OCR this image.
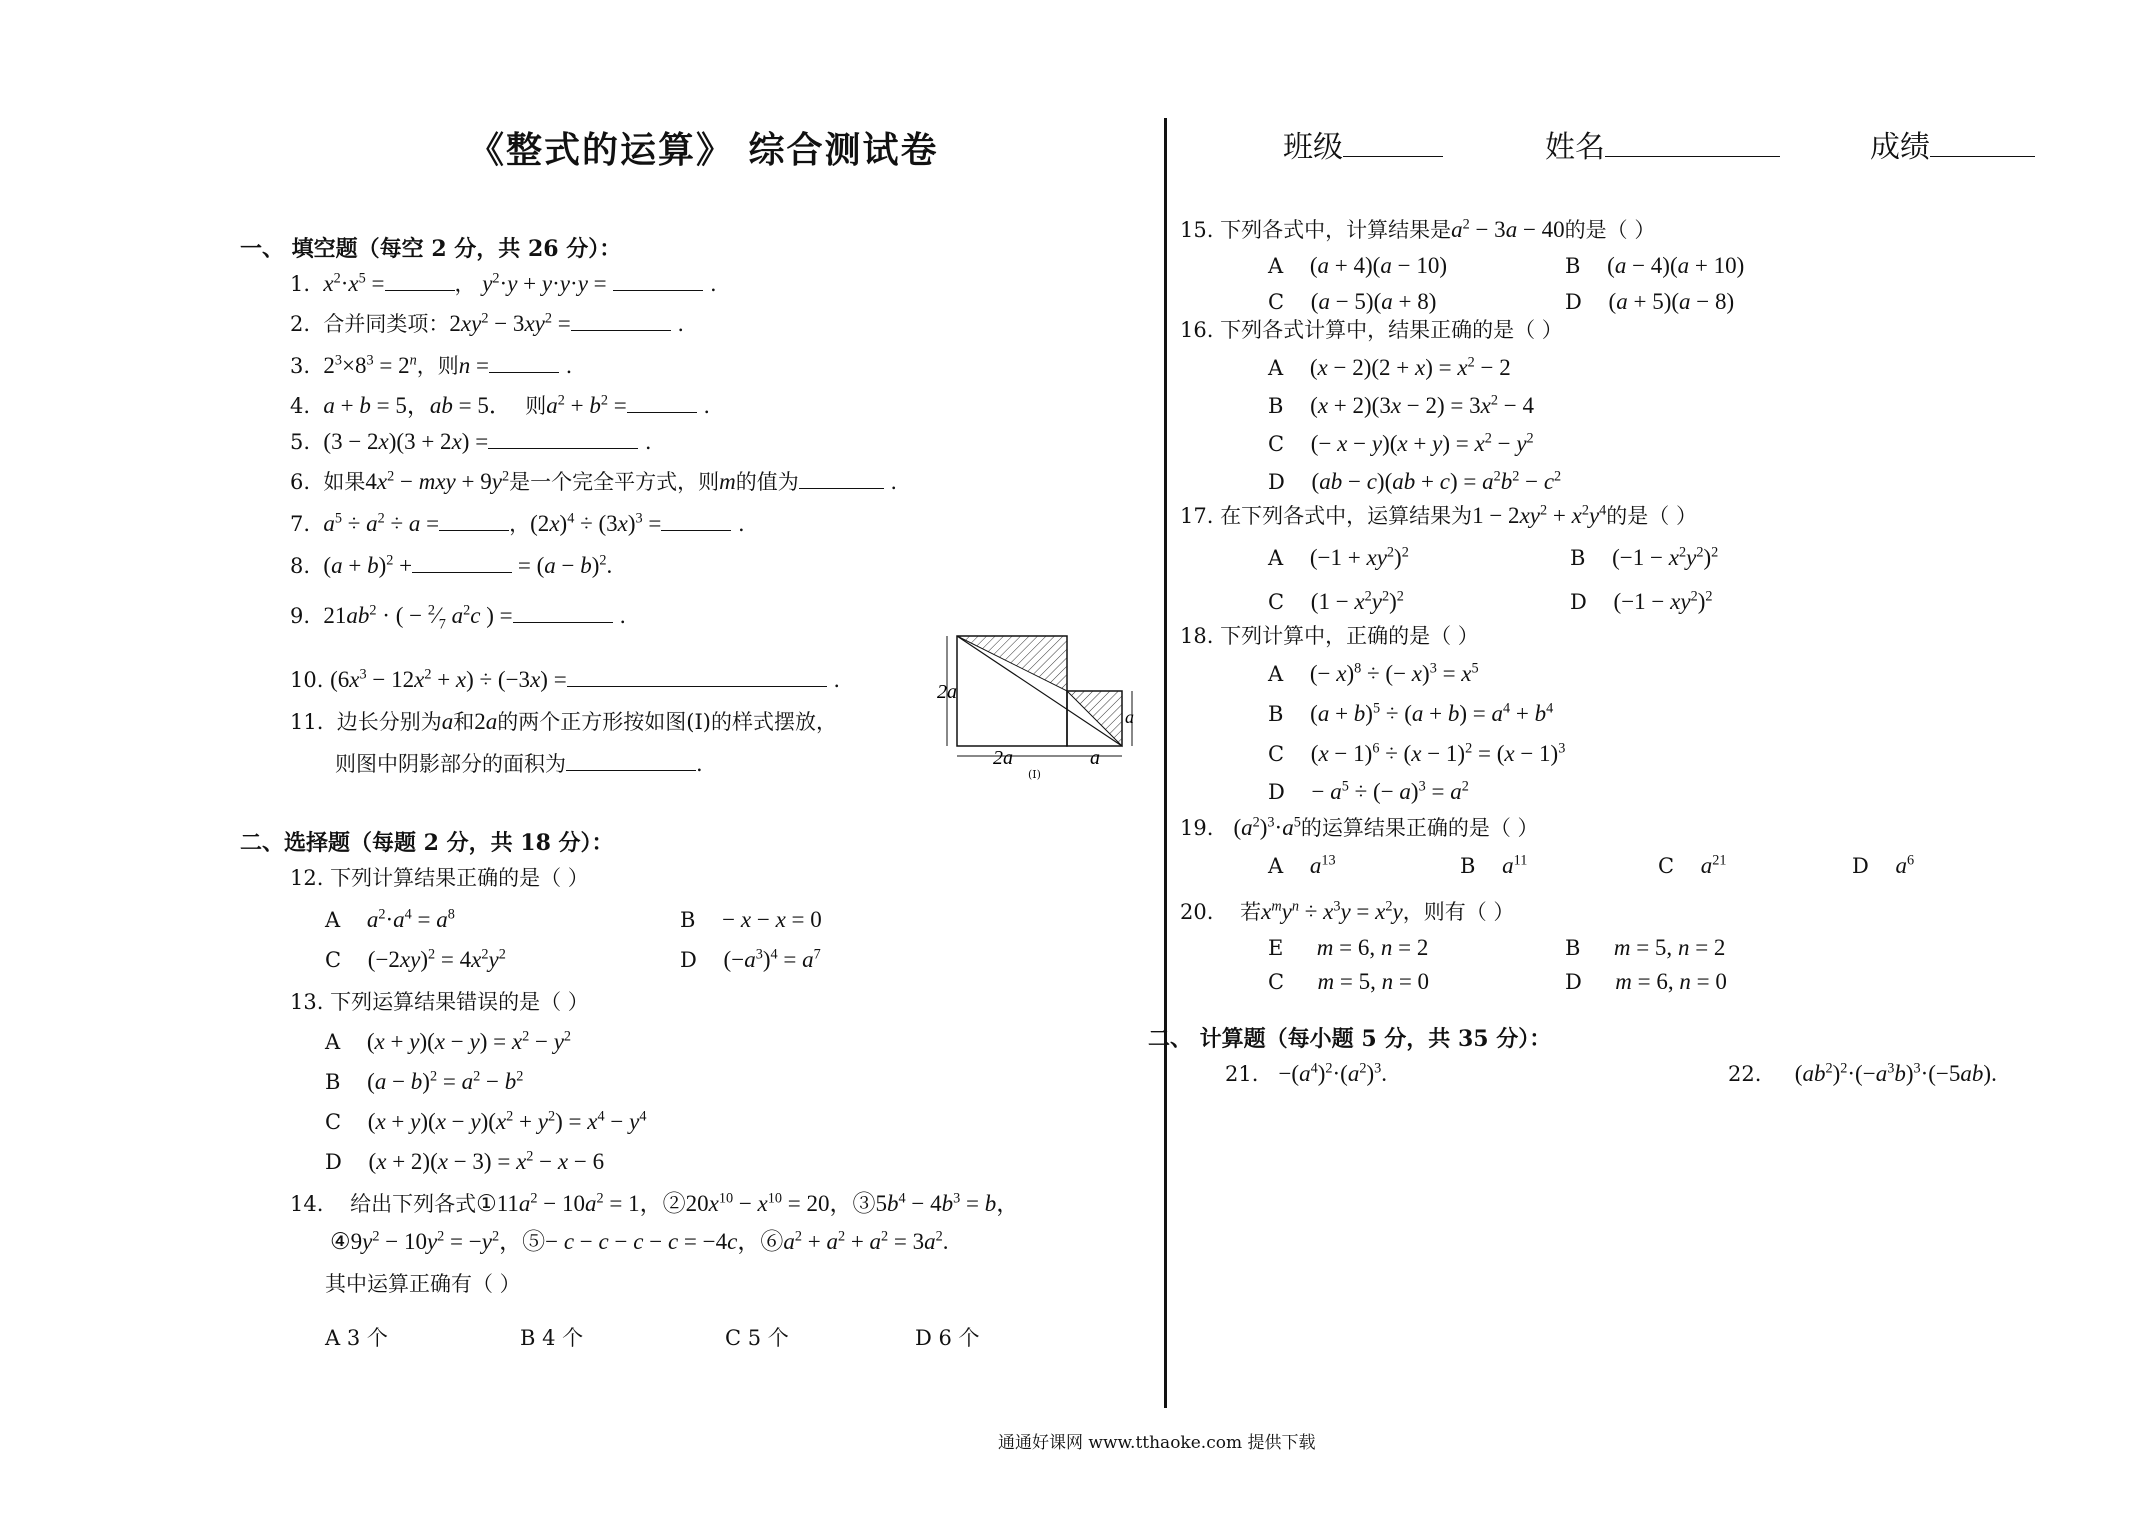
《整式的运算》 综合测试卷	班级	姓名	成绩
一、 填空题（每空 2 分，共 26 分）：
1. $x^2\cdot x^5$ =	， $y^2\cdot y + y\cdot y\cdot y$ =	.
2. 合并同类项：$2xy^2 - 3xy^2$ =	.
3. $2^3\times 8^3 = 2^n$，则n =	.
4. a + b = 5，ab = 5． 则$a^2 + b^2$ =	.
5. (3 − 2x)(3 + 2x) =	.
6. 如果$4x^2$ − mxy + $9y^2$是一个完全平方式，则m的值为	.
7. $a^5 \div a^2 \div a$ =	，$(2x)^4 \div (3x)^3$ =	.
8. $(a + b)^2$ +	= $(a - b)^2$.
9. $21ab^2$ · ( − $^2⁄_7$ $a^2c$ ) =	.
10. $(6x^3 - 12x^2 + x) \div (-3x)$ =	.
11. 边长分别为a和2a的两个正方形按如图(I)的样式摆放，
则图中阴影部分的面积为	.
2a
2a	a
a
(I)
二、选择题（每题 2 分，共 18 分）：
12. 下列计算结果正确的是（ ）
A $a^2\cdot a^4 = a^8$	B − x − x = 0
C $(-2xy)^2 = 4x^2y^2$	D $(-a^3)^4 = a^7$
13. 下列运算结果错误的是（ ）
A $(x + y)(x - y) = x^2 - y^2$
B $(a - b)^2 = a^2 - b^2$
C $(x + y)(x - y)(x^2 + y^2) = x^4 - y^4$
D $(x + 2)(x - 3) = x^2 - x - 6$
14. 给出下列各式$①11a^2 - 10a^2 = 1$，$②20x^{10} - x^{10} = 20$，$③5b^4 - 4b^3 = b$，
$④9y^2 - 10y^2 = -y^2$，⑤− c − c − c − c = −4c，$⑥a^2 + a^2 + a^2 = 3a^2$.
其中运算正确有（ ）
A 3 个	B 4 个	C 5 个	D 6 个
15. 下列各式中，计算结果是$a^2 - 3a - 40$的是（ ）
A (a + 4)(a − 10)	B (a − 4)(a + 10)
C (a − 5)(a + 8)	D (a + 5)(a − 8)
16. 下列各式计算中，结果正确的是（ ）
A $(x - 2)(2 + x) = x^2 - 2$
B $(x + 2)(3x - 2) = 3x^2 - 4$
C (− $x - y)(x + y) = x^2 - y^2$
D $(ab - c)(ab + c) = a^2b^2 - c^2$
17. 在下列各式中，运算结果为$1 - 2xy^2 + x^2y^4$的是（ ）
A $(-1 + xy^2)^2$	B $(-1 - x^2y^2)^2$
C $(1 - x^2y^2)^2$	D $(-1 - xy^2)^2$
18. 下列计算中，正确的是（ ）
A (− x)$^8$ ÷ (− $x)^3 = x^5$
B $(a + b)^5 \div (a + b) = a^4 + b^4$
C $(x - 1)^6 \div (x - 1)^2 = (x - 1)^3$
$D - a^5$ ÷ (− $a)^3 = a^2$
19. $(a^2)^3\cdot a^5$的运算结果正确的是（ ）
A $a^{13}$	B $a^{11}$	C $a^{21}$	D $a^6$
20. 若$x^my^n \div x^3y = x^2y$，则有（ ）
E m = 6, n = 2	B m = 5, n = 2
C m = 5, n = 0	D m = 6, n = 0
二、 计算题（每小题 5 分，共 35 分）：
21. $-(a^4)^2\cdot(a^2)^3$.	22. $(ab^2)^2\cdot(-a^3b)^3\cdot(-5ab)$.
通通好课网 www.tthaoke.com 提供下载
